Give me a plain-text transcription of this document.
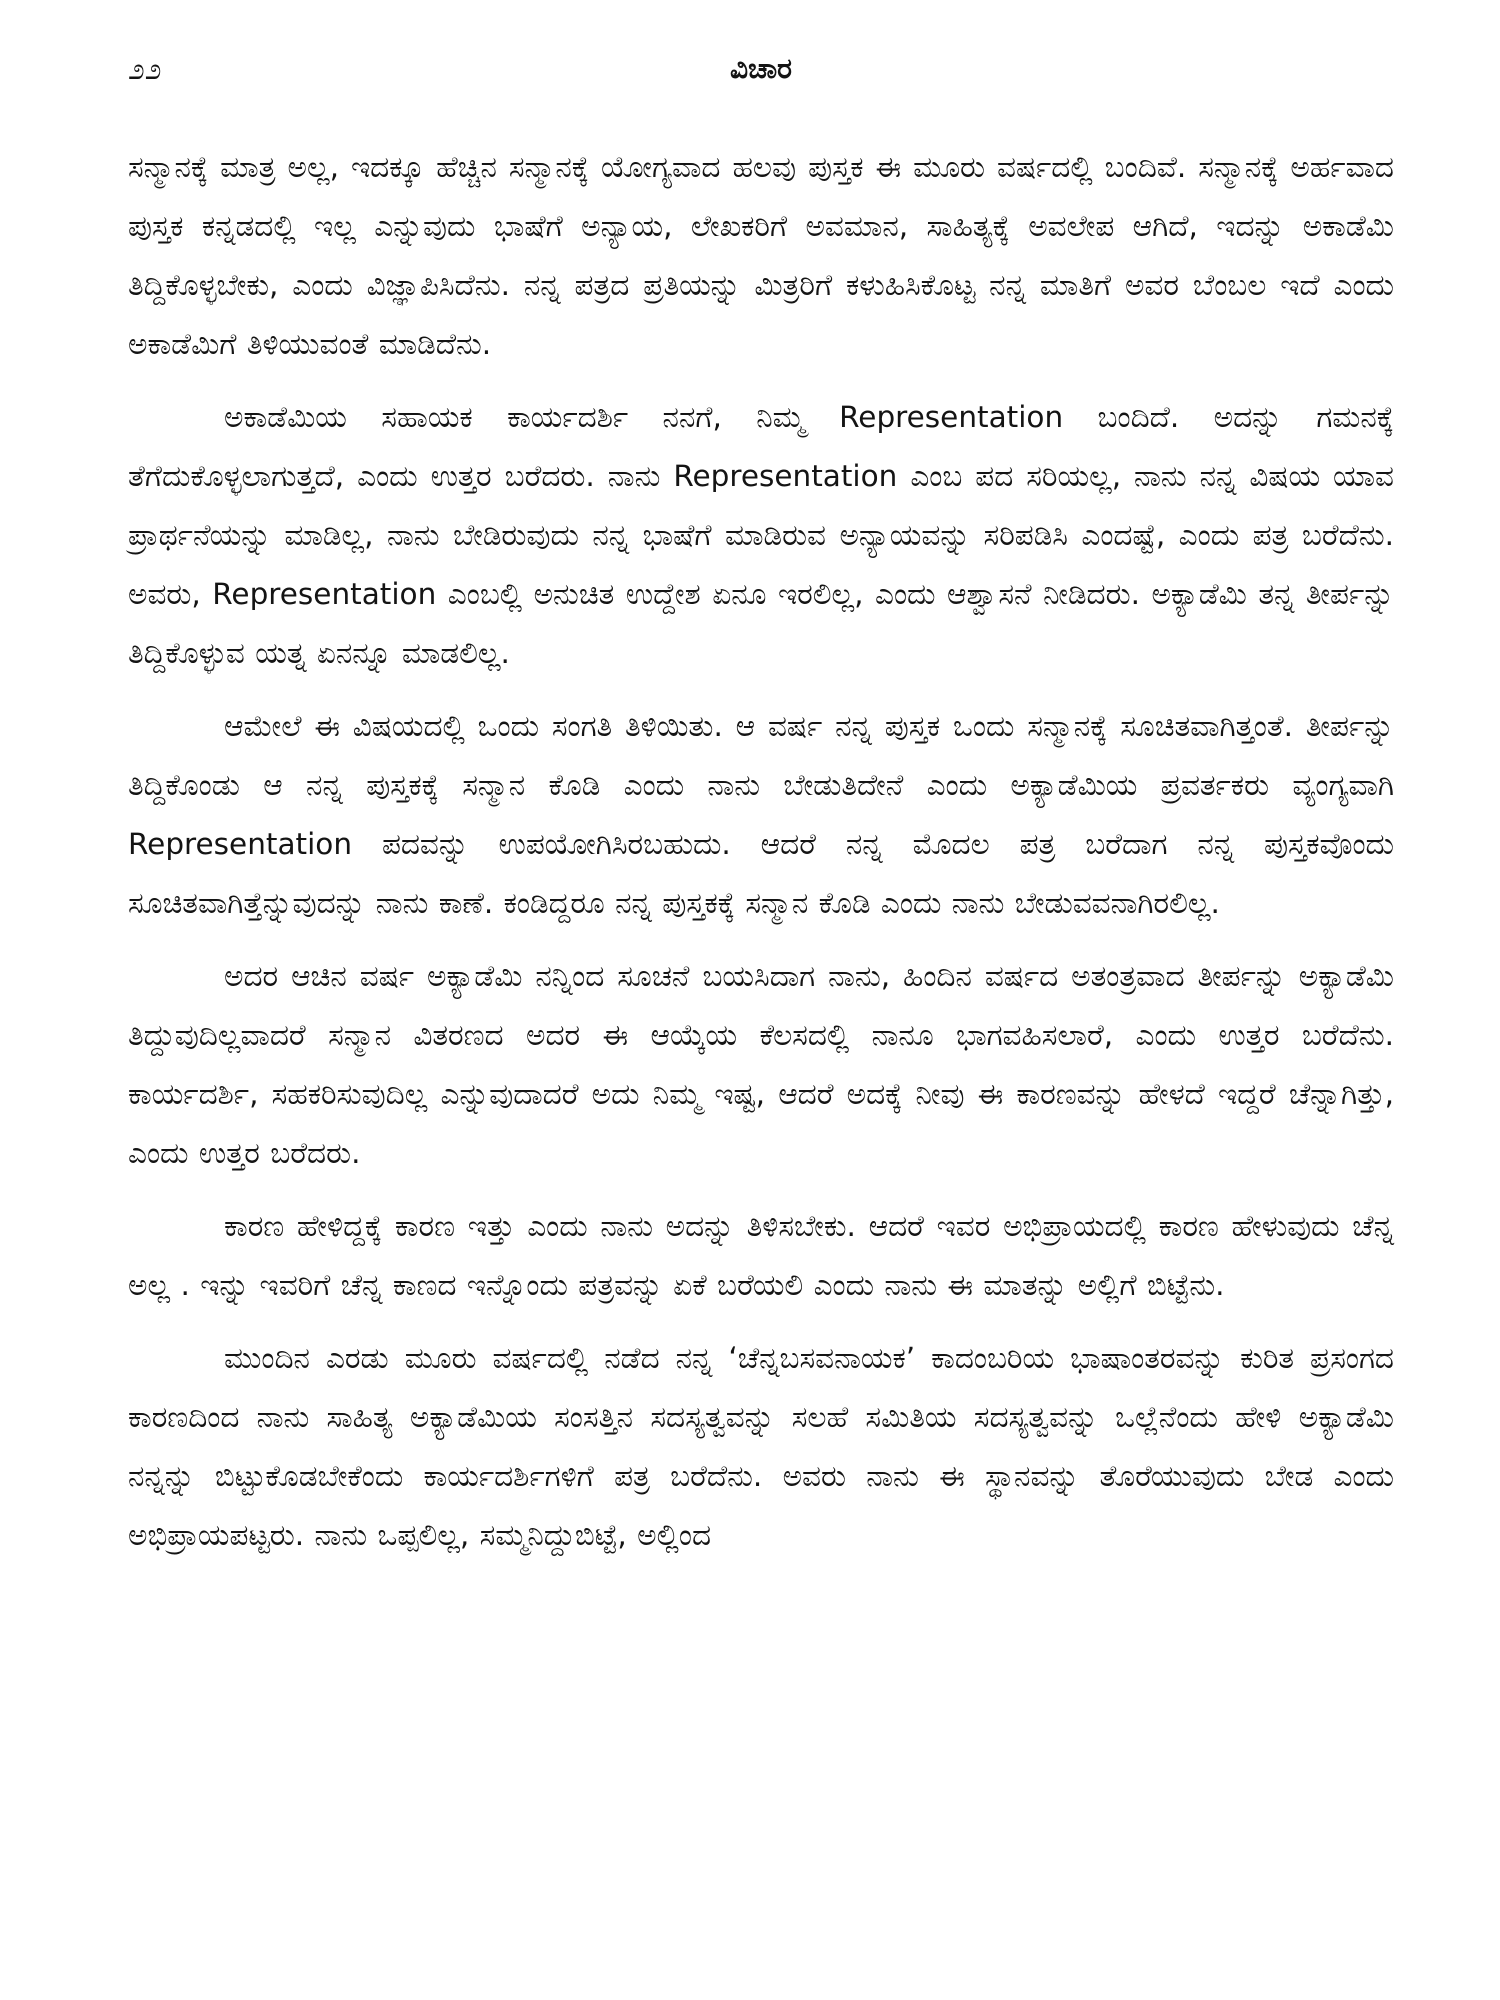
೨೨	ವಿಚಾರ

ಸನ್ಮಾನಕ್ಕೆ ಮಾತ್ರ ಅಲ್ಲ, ಇದಕ್ಕೂ ಹೆಚ್ಚಿನ ಸನ್ಮಾನಕ್ಕೆ ಯೋಗ್ಯವಾದ ಹಲವು ಪುಸ್ತಕ ಈ ಮೂರು ವರ್ಷದಲ್ಲಿ ಬಂದಿವೆ. ಸನ್ಮಾನಕ್ಕೆ ಅರ್ಹವಾದ ಪುಸ್ತಕ ಕನ್ನಡದಲ್ಲಿ ಇಲ್ಲ ಎನ್ನುವುದು ಭಾಷೆಗೆ ಅನ್ಯಾಯ, ಲೇಖಕರಿಗೆ ಅವಮಾನ, ಸಾಹಿತ್ಯಕ್ಕೆ ಅವಲೇಪ ಆಗಿದೆ, ಇದನ್ನು ಅಕಾಡೆಮಿ ತಿದ್ದಿಕೊಳ್ಳಬೇಕು, ಎಂದು ವಿಜ್ಞಾಪಿಸಿದೆನು. ನನ್ನ ಪತ್ರದ ಪ್ರತಿಯನ್ನು ಮಿತ್ರರಿಗೆ ಕಳುಹಿಸಿಕೊಟ್ಟ ನನ್ನ ಮಾತಿಗೆ ಅವರ ಬೆಂಬಲ ಇದೆ ಎಂದು ಅಕಾಡೆಮಿಗೆ ತಿಳಿಯುವಂತೆ ಮಾಡಿದೆನು.

ಅಕಾಡೆಮಿಯ ಸಹಾಯಕ ಕಾರ್ಯದರ್ಶಿ ನನಗೆ, ನಿಮ್ಮ Representation ಬಂದಿದೆ. ಅದನ್ನು ಗಮನಕ್ಕೆ ತೆಗೆದುಕೊಳ್ಳಲಾಗುತ್ತದೆ, ಎಂದು ಉತ್ತರ ಬರೆದರು. ನಾನು Representation ಎಂಬ ಪದ ಸರಿಯಲ್ಲ, ನಾನು ನನ್ನ ವಿಷಯ ಯಾವ ಪ್ರಾರ್ಥನೆಯನ್ನು ಮಾಡಿಲ್ಲ, ನಾನು ಬೇಡಿರುವುದು ನನ್ನ ಭಾಷೆಗೆ ಮಾಡಿರುವ ಅನ್ಯಾಯವನ್ನು ಸರಿಪಡಿಸಿ ಎಂದಷ್ಟೆ, ಎಂದು ಪತ್ರ ಬರೆದೆನು. ಅವರು, Representation ಎಂಬಲ್ಲಿ ಅನುಚಿತ ಉದ್ದೇಶ ಏನೂ ಇರಲಿಲ್ಲ, ಎಂದು ಆಶ್ವಾಸನೆ ನೀಡಿದರು. ಅಕ್ಯಾಡೆಮಿ ತನ್ನ ತೀರ್ಪನ್ನು ತಿದ್ದಿಕೊಳ್ಳುವ ಯತ್ನ ಏನನ್ನೂ ಮಾಡಲಿಲ್ಲ.

ಆಮೇಲೆ ಈ ವಿಷಯದಲ್ಲಿ ಒಂದು ಸಂಗತಿ ತಿಳಿಯಿತು. ಆ ವರ್ಷ ನನ್ನ ಪುಸ್ತಕ ಒಂದು ಸನ್ಮಾನಕ್ಕೆ ಸೂಚಿತವಾಗಿತ್ತಂತೆ. ತೀರ್ಪನ್ನು ತಿದ್ದಿಕೊಂಡು ಆ ನನ್ನ ಪುಸ್ತಕಕ್ಕೆ ಸನ್ಮಾನ ಕೊಡಿ ಎಂದು ನಾನು ಬೇಡುತಿದೇನೆ ಎಂದು ಅಕ್ಯಾಡೆಮಿಯ ಪ್ರವರ್ತಕರು ವ್ಯಂಗ್ಯವಾಗಿ Representation ಪದವನ್ನು ಉಪಯೋಗಿಸಿರಬಹುದು. ಆದರೆ ನನ್ನ ಮೊದಲ ಪತ್ರ ಬರೆದಾಗ ನನ್ನ ಪುಸ್ತಕವೊಂದು ಸೂಚಿತವಾಗಿತ್ತೆನ್ನುವುದನ್ನು ನಾನು ಕಾಣೆ. ಕಂಡಿದ್ದರೂ ನನ್ನ ಪುಸ್ತಕಕ್ಕೆ ಸನ್ಮಾನ ಕೊಡಿ ಎಂದು ನಾನು ಬೇಡುವವನಾಗಿರಲಿಲ್ಲ.

ಅದರ ಆಚಿನ ವರ್ಷ ಅಕ್ಯಾಡೆಮಿ ನನ್ನಿಂದ ಸೂಚನೆ ಬಯಸಿದಾಗ ನಾನು, ಹಿಂದಿನ ವರ್ಷದ ಅತಂತ್ರವಾದ ತೀರ್ಪನ್ನು ಅಕ್ಯಾಡೆಮಿ ತಿದ್ದುವುದಿಲ್ಲವಾದರೆ ಸನ್ಮಾನ ವಿತರಣದ ಅದರ ಈ ಆಯ್ಕೆಯ ಕೆಲಸದಲ್ಲಿ ನಾನೂ ಭಾಗವಹಿಸಲಾರೆ, ಎಂದು ಉತ್ತರ ಬರೆದೆನು. ಕಾರ್ಯದರ್ಶಿ, ಸಹಕರಿಸುವುದಿಲ್ಲ ಎನ್ನುವುದಾದರೆ ಅದು ನಿಮ್ಮ ಇಷ್ಟ, ಆದರೆ ಅದಕ್ಕೆ ನೀವು ಈ ಕಾರಣವನ್ನು ಹೇಳದೆ ಇದ್ದರೆ ಚೆನ್ನಾಗಿತ್ತು, ಎಂದು ಉತ್ತರ ಬರೆದರು.

ಕಾರಣ ಹೇಳಿದ್ದಕ್ಕೆ ಕಾರಣ ಇತ್ತು ಎಂದು ನಾನು ಅದನ್ನು ತಿಳಿಸಬೇಕು. ಆದರೆ ಇವರ ಅಭಿಪ್ರಾಯದಲ್ಲಿ ಕಾರಣ ಹೇಳುವುದು ಚೆನ್ನ ಅಲ್ಲ . ಇನ್ನು ಇವರಿಗೆ ಚೆನ್ನ ಕಾಣದ ಇನ್ನೊಂದು ಪತ್ರವನ್ನು ಏಕೆ ಬರೆಯಲಿ ಎಂದು ನಾನು ಈ ಮಾತನ್ನು ಅಲ್ಲಿಗೆ ಬಿಟ್ಟೆನು.

ಮುಂದಿನ ಎರಡು ಮೂರು ವರ್ಷದಲ್ಲಿ ನಡೆದ ನನ್ನ ‘ಚೆನ್ನಬಸವನಾಯಕ’ ಕಾದಂಬರಿಯ ಭಾಷಾಂತರವನ್ನು ಕುರಿತ ಪ್ರಸಂಗದ ಕಾರಣದಿಂದ ನಾನು ಸಾಹಿತ್ಯ ಅಕ್ಯಾಡೆಮಿಯ ಸಂಸತ್ತಿನ ಸದಸ್ಯತ್ವವನ್ನು ಸಲಹೆ ಸಮಿತಿಯ ಸದಸ್ಯತ್ವವನ್ನು ಒಲ್ಲೆನೆಂದು ಹೇಳಿ ಅಕ್ಯಾಡೆಮಿ ನನ್ನನ್ನು ಬಿಟ್ಟುಕೊಡಬೇಕೆಂದು ಕಾರ್ಯದರ್ಶಿಗಳಿಗೆ ಪತ್ರ ಬರೆದೆನು. ಅವರು ನಾನು ಈ ಸ್ಥಾನವನ್ನು ತೊರೆಯುವುದು ಬೇಡ ಎಂದು ಅಭಿಪ್ರಾಯಪಟ್ಟರು. ನಾನು ಒಪ್ಪಲಿಲ್ಲ, ಸಮ್ಮನಿದ್ದುಬಿಟ್ಟೆ, ಅಲ್ಲಿಂದ
